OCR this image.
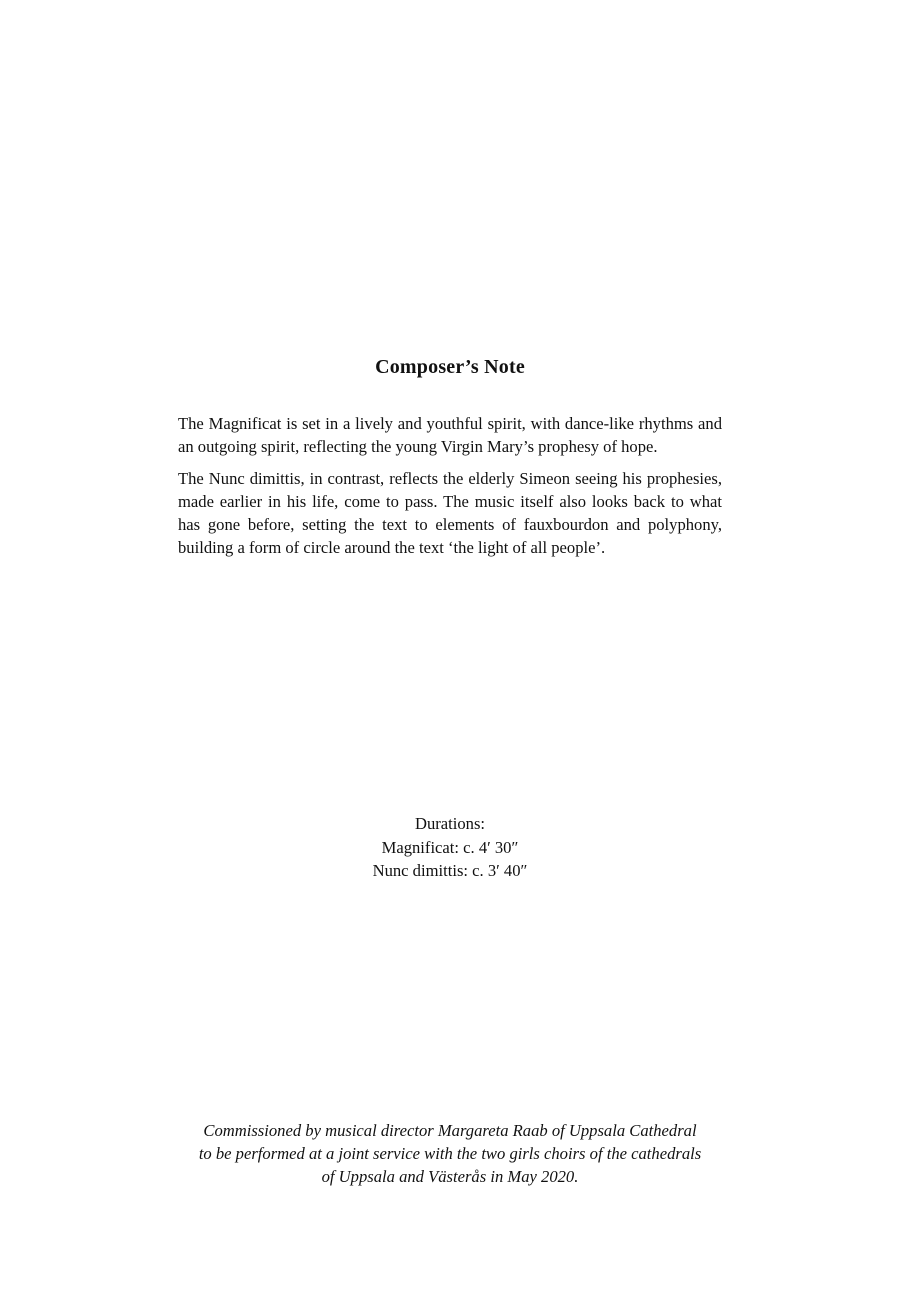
Composer’s Note

The Magnificat is set in a lively and youthful spirit, with dance-like rhythms and an outgoing spirit, reflecting the young Virgin Mary’s prophesy of hope.

The Nunc dimittis, in contrast, reflects the elderly Simeon seeing his prophesies, made earlier in his life, come to pass. The music itself also looks back to what has gone before, setting the text to elements of fauxbourdon and polyphony, building a form of circle around the text ‘the light of all people’.

Durations:
Magnificat: c. 4′ 30″
Nunc dimittis: c. 3′ 40″
Commissioned by musical director Margareta Raab of Uppsala Cathedral
to be performed at a joint service with the two girls choirs of the cathedrals
of Uppsala and Västerås in May 2020.
